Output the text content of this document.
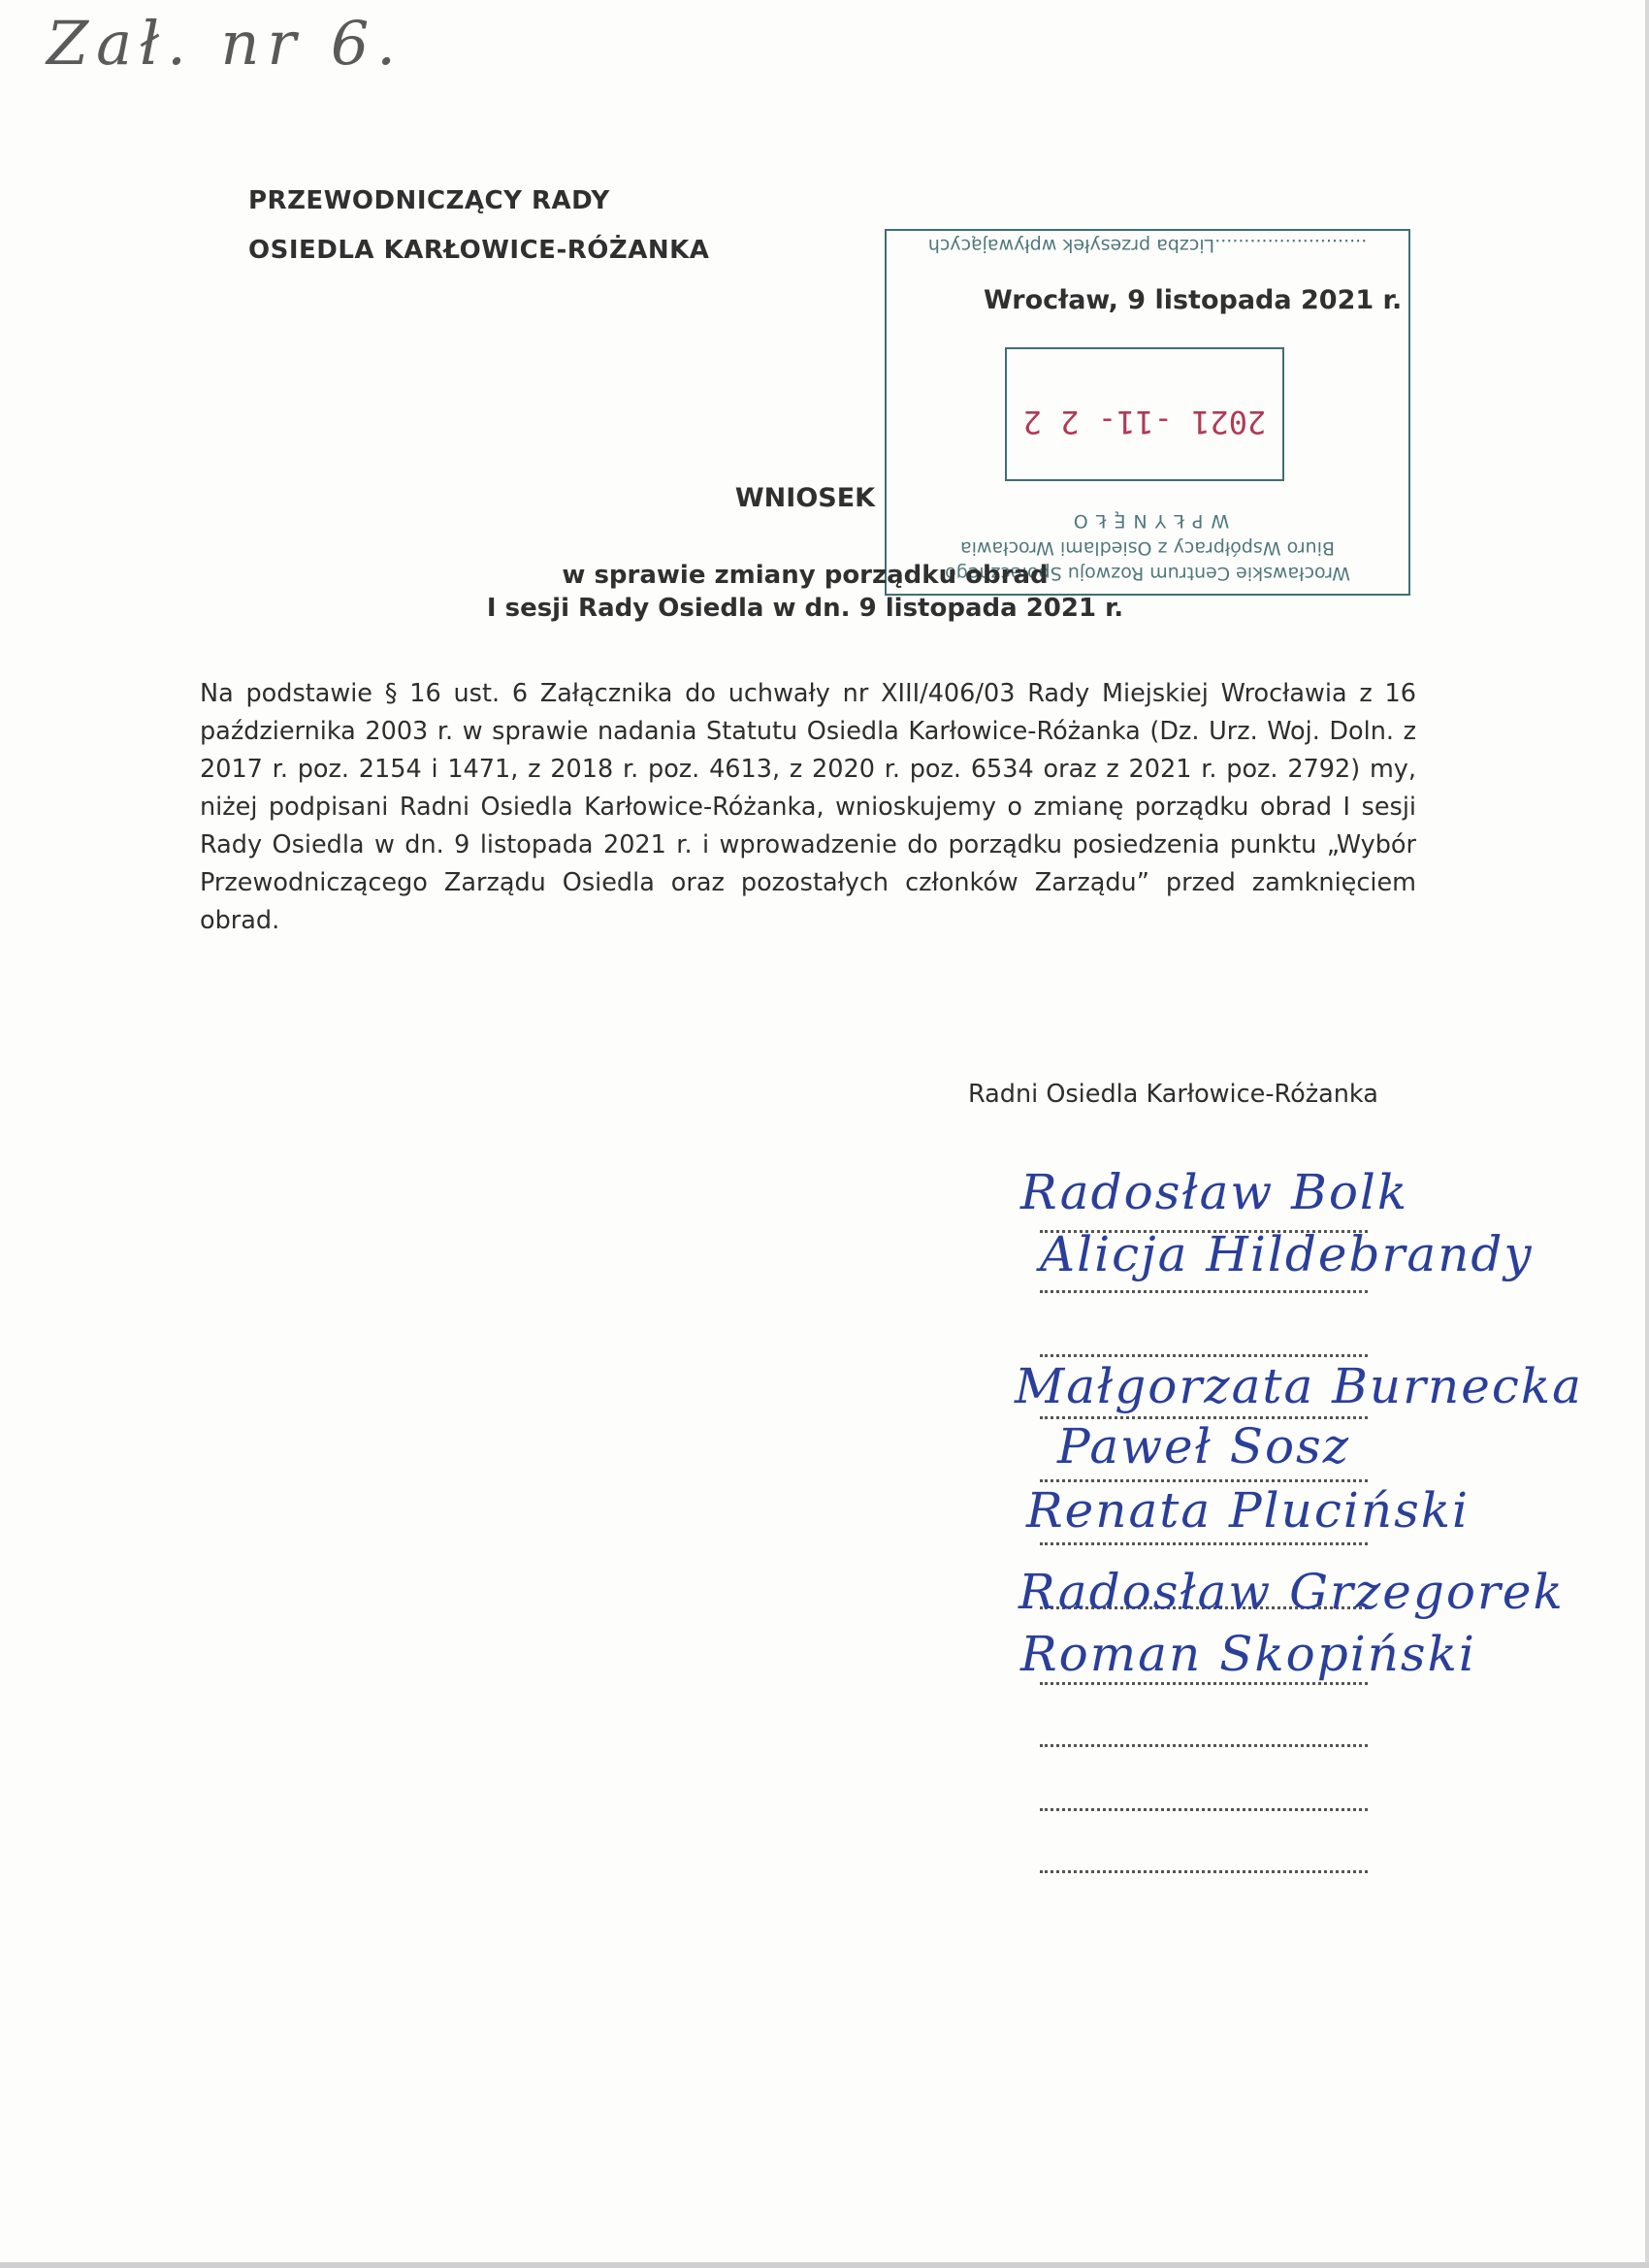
Zał. nr 6.
PRZEWODNICZĄCY RADY
OSIEDLA KARŁOWICE-RÓŻANKA
Wrocławskie Centrum Rozwoju Społecznego
Biuro Współpracy z Osiedlami Wrocławia
WPŁYNĘŁO
2021 -11- 2 2
..........................Liczba przesyłek wpływających
Wrocław, 9 listopada 2021 r.
WNIOSEK
w sprawie zmiany porządku obrad
I sesji Rady Osiedla w dn. 9 listopada 2021 r.
Na podstawie § 16 ust. 6 Załącznika do uchwały nr XIII/406/03 Rady Miejskiej Wrocławia z 16 października 2003 r. w sprawie nadania Statutu Osiedla Karłowice-Różanka (Dz. Urz. Woj. Doln. z 2017 r. poz. 2154 i 1471, z 2018 r. poz. 4613, z 2020 r. poz. 6534 oraz z 2021 r. poz. 2792) my, niżej podpisani Radni Osiedla Karłowice-Różanka, wnioskujemy o zmianę porządku obrad I sesji Rady Osiedla w dn. 9 listopada 2021 r. i wprowadzenie do porządku posiedzenia punktu „Wybór Przewodniczącego Zarządu Osiedla oraz pozostałych członków Zarządu” przed zamknięciem obrad.
Radni Osiedla Karłowice-Różanka
Radosław Bolk
Alicja Hildebrandy
Małgorzata Burnecka
Paweł Sosz
Renata Pluciński
Radosław Grzegorek
Roman Skopiński
